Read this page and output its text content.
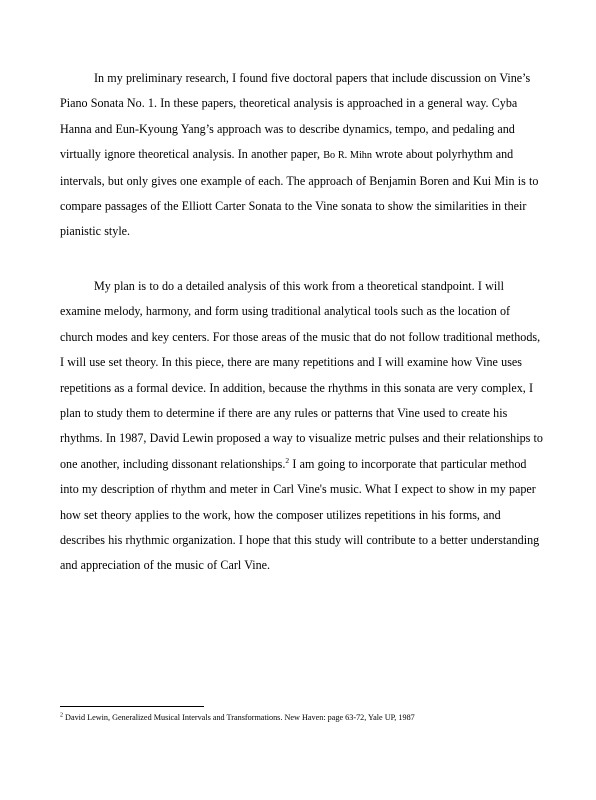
In my preliminary research, I found five doctoral papers that include discussion on Vine’s Piano Sonata No. 1. In these papers, theoretical analysis is approached in a general way. Cyba Hanna and Eun-Kyoung Yang’s approach was to describe dynamics, tempo, and pedaling and virtually ignore theoretical analysis. In another paper, Bo R. Mihn wrote about polyrhythm and intervals, but only gives one example of each. The approach of Benjamin Boren and Kui Min is to compare passages of the Elliott Carter Sonata to the Vine sonata to show the similarities in their pianistic style.

My plan is to do a detailed analysis of this work from a theoretical standpoint. I will examine melody, harmony, and form using traditional analytical tools such as the location of church modes and key centers. For those areas of the music that do not follow traditional methods, I will use set theory. In this piece, there are many repetitions and I will examine how Vine uses repetitions as a formal device. In addition, because the rhythms in this sonata are very complex, I plan to study them to determine if there are any rules or patterns that Vine used to create his rhythms. In 1987, David Lewin proposed a way to visualize metric pulses and their relationships to one another, including dissonant relationships.$^2$ I am going to incorporate that particular method into my description of rhythm and meter in Carl Vine's music. What I expect to show in my paper how set theory applies to the work, how the composer utilizes repetitions in his forms, and describes his rhythmic organization. I hope that this study will contribute to a better understanding and appreciation of the music of Carl Vine.

$^2$ David Lewin, Generalized Musical Intervals and Transformations. New Haven: page 63-72, Yale UP, 1987
